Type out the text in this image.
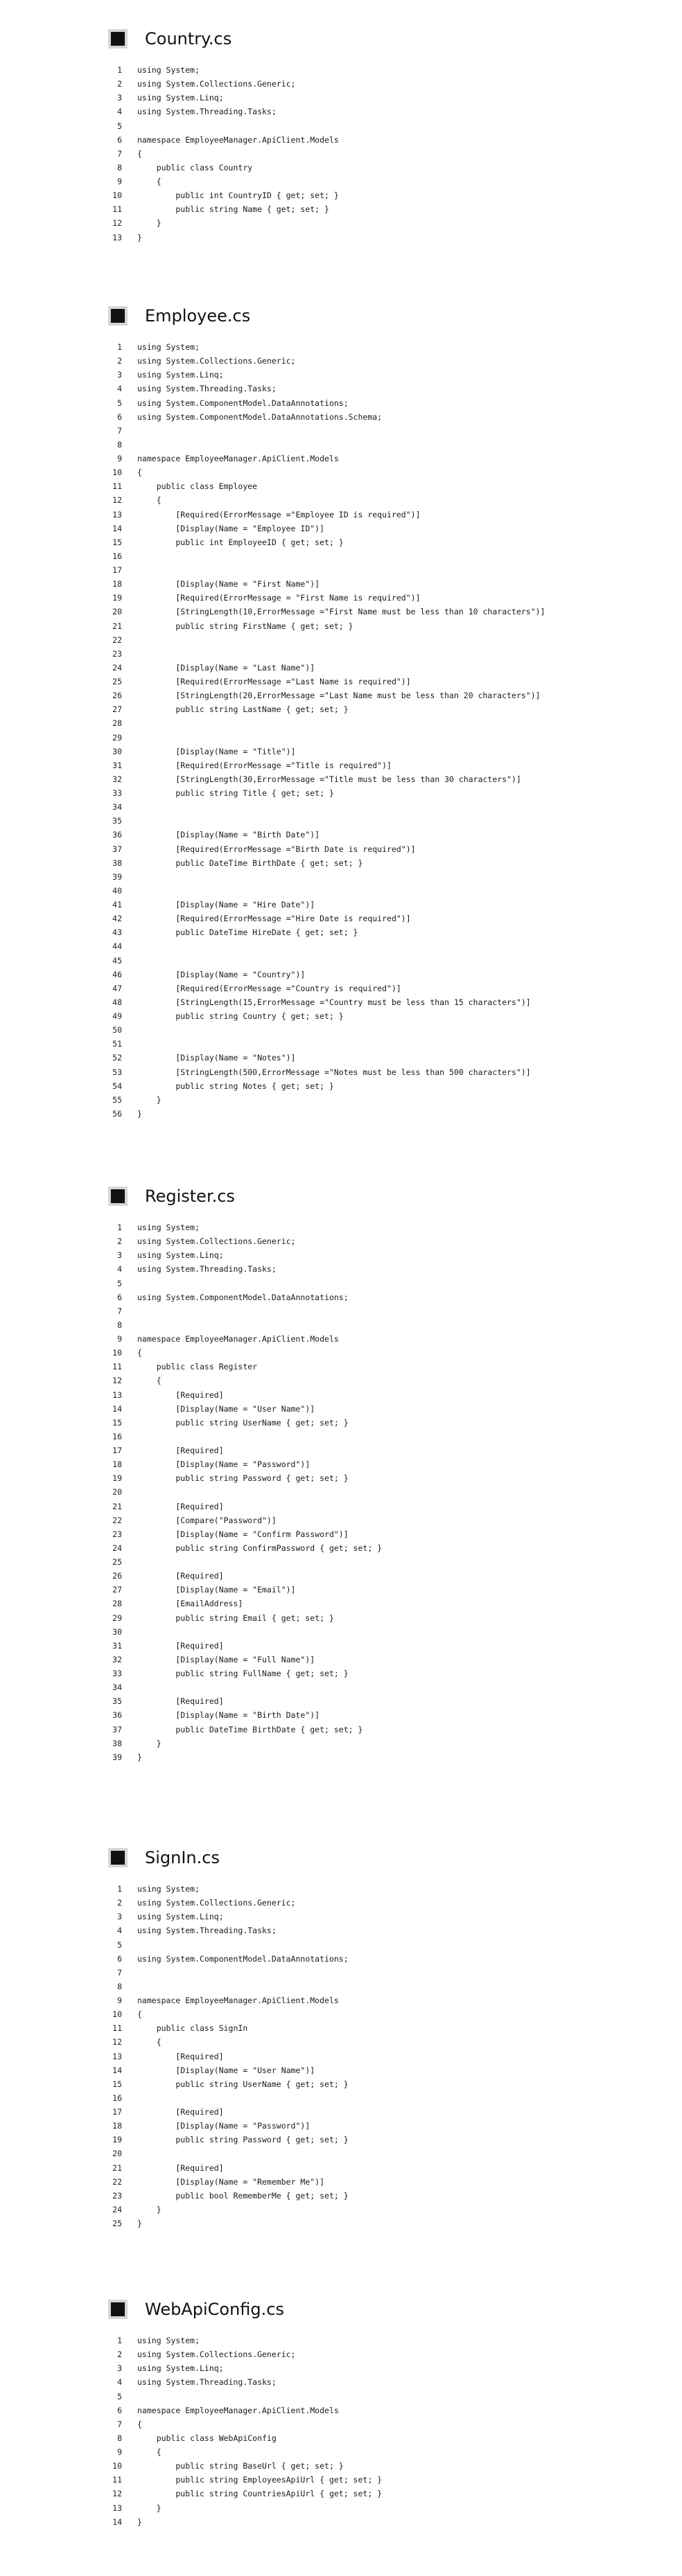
Country.cs
1 using System;
2 using System.Collections.Generic;
3 using System.Linq;
4 using System.Threading.Tasks;
5
6 namespace EmployeeManager.ApiClient.Models
7 {
8 public class Country
9 {
10 public int CountryID { get; set; }
11 public string Name { get; set; }
12 }
13 }
Employee.cs
1 using System;
2 using System.Collections.Generic;
3 using System.Linq;
4 using System.Threading.Tasks;
5 using System.ComponentModel.DataAnnotations;
6 using System.ComponentModel.DataAnnotations.Schema;
7
8
9 namespace EmployeeManager.ApiClient.Models
10 {
11 public class Employee
12 {
13 [Required(ErrorMessage ="Employee ID is required")]
14 [Display(Name = "Employee ID")]
15 public int EmployeeID { get; set; }
16
17
18 [Display(Name = "First Name")]
19 [Required(ErrorMessage = "First Name is required")]
20 [StringLength(10,ErrorMessage ="First Name must be less than 10 characters")]
21 public string FirstName { get; set; }
22
23
24 [Display(Name = "Last Name")]
25 [Required(ErrorMessage ="Last Name is required")]
26 [StringLength(20,ErrorMessage ="Last Name must be less than 20 characters")]
27 public string LastName { get; set; }
28
29
30 [Display(Name = "Title")]
31 [Required(ErrorMessage ="Title is required")]
32 [StringLength(30,ErrorMessage ="Title must be less than 30 characters")]
33 public string Title { get; set; }
34
35
36 [Display(Name = "Birth Date")]
37 [Required(ErrorMessage ="Birth Date is required")]
38 public DateTime BirthDate { get; set; }
39
40
41 [Display(Name = "Hire Date")]
42 [Required(ErrorMessage ="Hire Date is required")]
43 public DateTime HireDate { get; set; }
44
45
46 [Display(Name = "Country")]
47 [Required(ErrorMessage ="Country is required")]
48 [StringLength(15,ErrorMessage ="Country must be less than 15 characters")]
49 public string Country { get; set; }
50
51
52 [Display(Name = "Notes")]
53 [StringLength(500,ErrorMessage ="Notes must be less than 500 characters")]
54 public string Notes { get; set; }
55 }
56 }
Register.cs
1 using System;
2 using System.Collections.Generic;
3 using System.Linq;
4 using System.Threading.Tasks;
5
6 using System.ComponentModel.DataAnnotations;
7
8
9 namespace EmployeeManager.ApiClient.Models
10 {
11 public class Register
12 {
13 [Required]
14 [Display(Name = "User Name")]
15 public string UserName { get; set; }
16
17 [Required]
18 [Display(Name = "Password")]
19 public string Password { get; set; }
20
21 [Required]
22 [Compare("Password")]
23 [Display(Name = "Confirm Password")]
24 public string ConfirmPassword { get; set; }
25
26 [Required]
27 [Display(Name = "Email")]
28 [EmailAddress]
29 public string Email { get; set; }
30
31 [Required]
32 [Display(Name = "Full Name")]
33 public string FullName { get; set; }
34
35 [Required]
36 [Display(Name = "Birth Date")]
37 public DateTime BirthDate { get; set; }
38 }
39 }
SignIn.cs
1 using System;
2 using System.Collections.Generic;
3 using System.Linq;
4 using System.Threading.Tasks;
5
6 using System.ComponentModel.DataAnnotations;
7
8
9 namespace EmployeeManager.ApiClient.Models
10 {
11 public class SignIn
12 {
13 [Required]
14 [Display(Name = "User Name")]
15 public string UserName { get; set; }
16
17 [Required]
18 [Display(Name = "Password")]
19 public string Password { get; set; }
20
21 [Required]
22 [Display(Name = "Remember Me")]
23 public bool RememberMe { get; set; }
24 }
25 }
WebApiConfig.cs
1 using System;
2 using System.Collections.Generic;
3 using System.Linq;
4 using System.Threading.Tasks;
5
6 namespace EmployeeManager.ApiClient.Models
7 {
8 public class WebApiConfig
9 {
10 public string BaseUrl { get; set; }
11 public string EmployeesApiUrl { get; set; }
12 public string CountriesApiUrl { get; set; }
13 }
14 }
